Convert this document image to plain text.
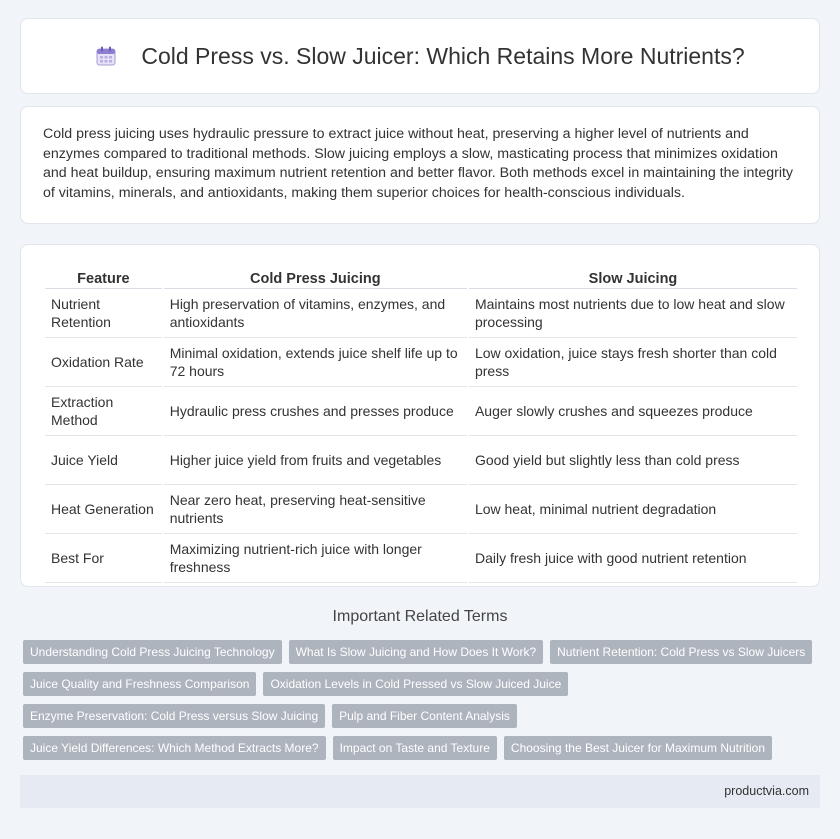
Cold Press vs. Slow Juicer: Which Retains More Nutrients?

Cold press juicing uses hydraulic pressure to extract juice without heat, preserving a higher level of nutrients and enzymes compared to traditional methods. Slow juicing employs a slow, masticating process that minimizes oxidation and heat buildup, ensuring maximum nutrient retention and better flavor. Both methods excel in maintaining the integrity of vitamins, minerals, and antioxidants, making them superior choices for health-conscious individuals.

Feature	Cold Press Juicing	Slow Juicing
Nutrient Retention	High preservation of vitamins, enzymes, and antioxidants	Maintains most nutrients due to low heat and slow processing
Oxidation Rate	Minimal oxidation, extends juice shelf life up to 72 hours	Low oxidation, juice stays fresh shorter than cold press
Extraction Method	Hydraulic press crushes and presses produce	Auger slowly crushes and squeezes produce
Juice Yield	Higher juice yield from fruits and vegetables	Good yield but slightly less than cold press
Heat Generation	Near zero heat, preserving heat-sensitive nutrients	Low heat, minimal nutrient degradation
Best For	Maximizing nutrient-rich juice with longer freshness	Daily fresh juice with good nutrient retention
Important Related Terms
Understanding Cold Press Juicing Technology	What Is Slow Juicing and How Does It Work?	Nutrient Retention: Cold Press vs Slow Juicers
Juice Quality and Freshness Comparison	Oxidation Levels in Cold Pressed vs Slow Juiced Juice
Enzyme Preservation: Cold Press versus Slow Juicing	Pulp and Fiber Content Analysis
Juice Yield Differences: Which Method Extracts More?	Impact on Taste and Texture	Choosing the Best Juicer for Maximum Nutrition
productvia.com
